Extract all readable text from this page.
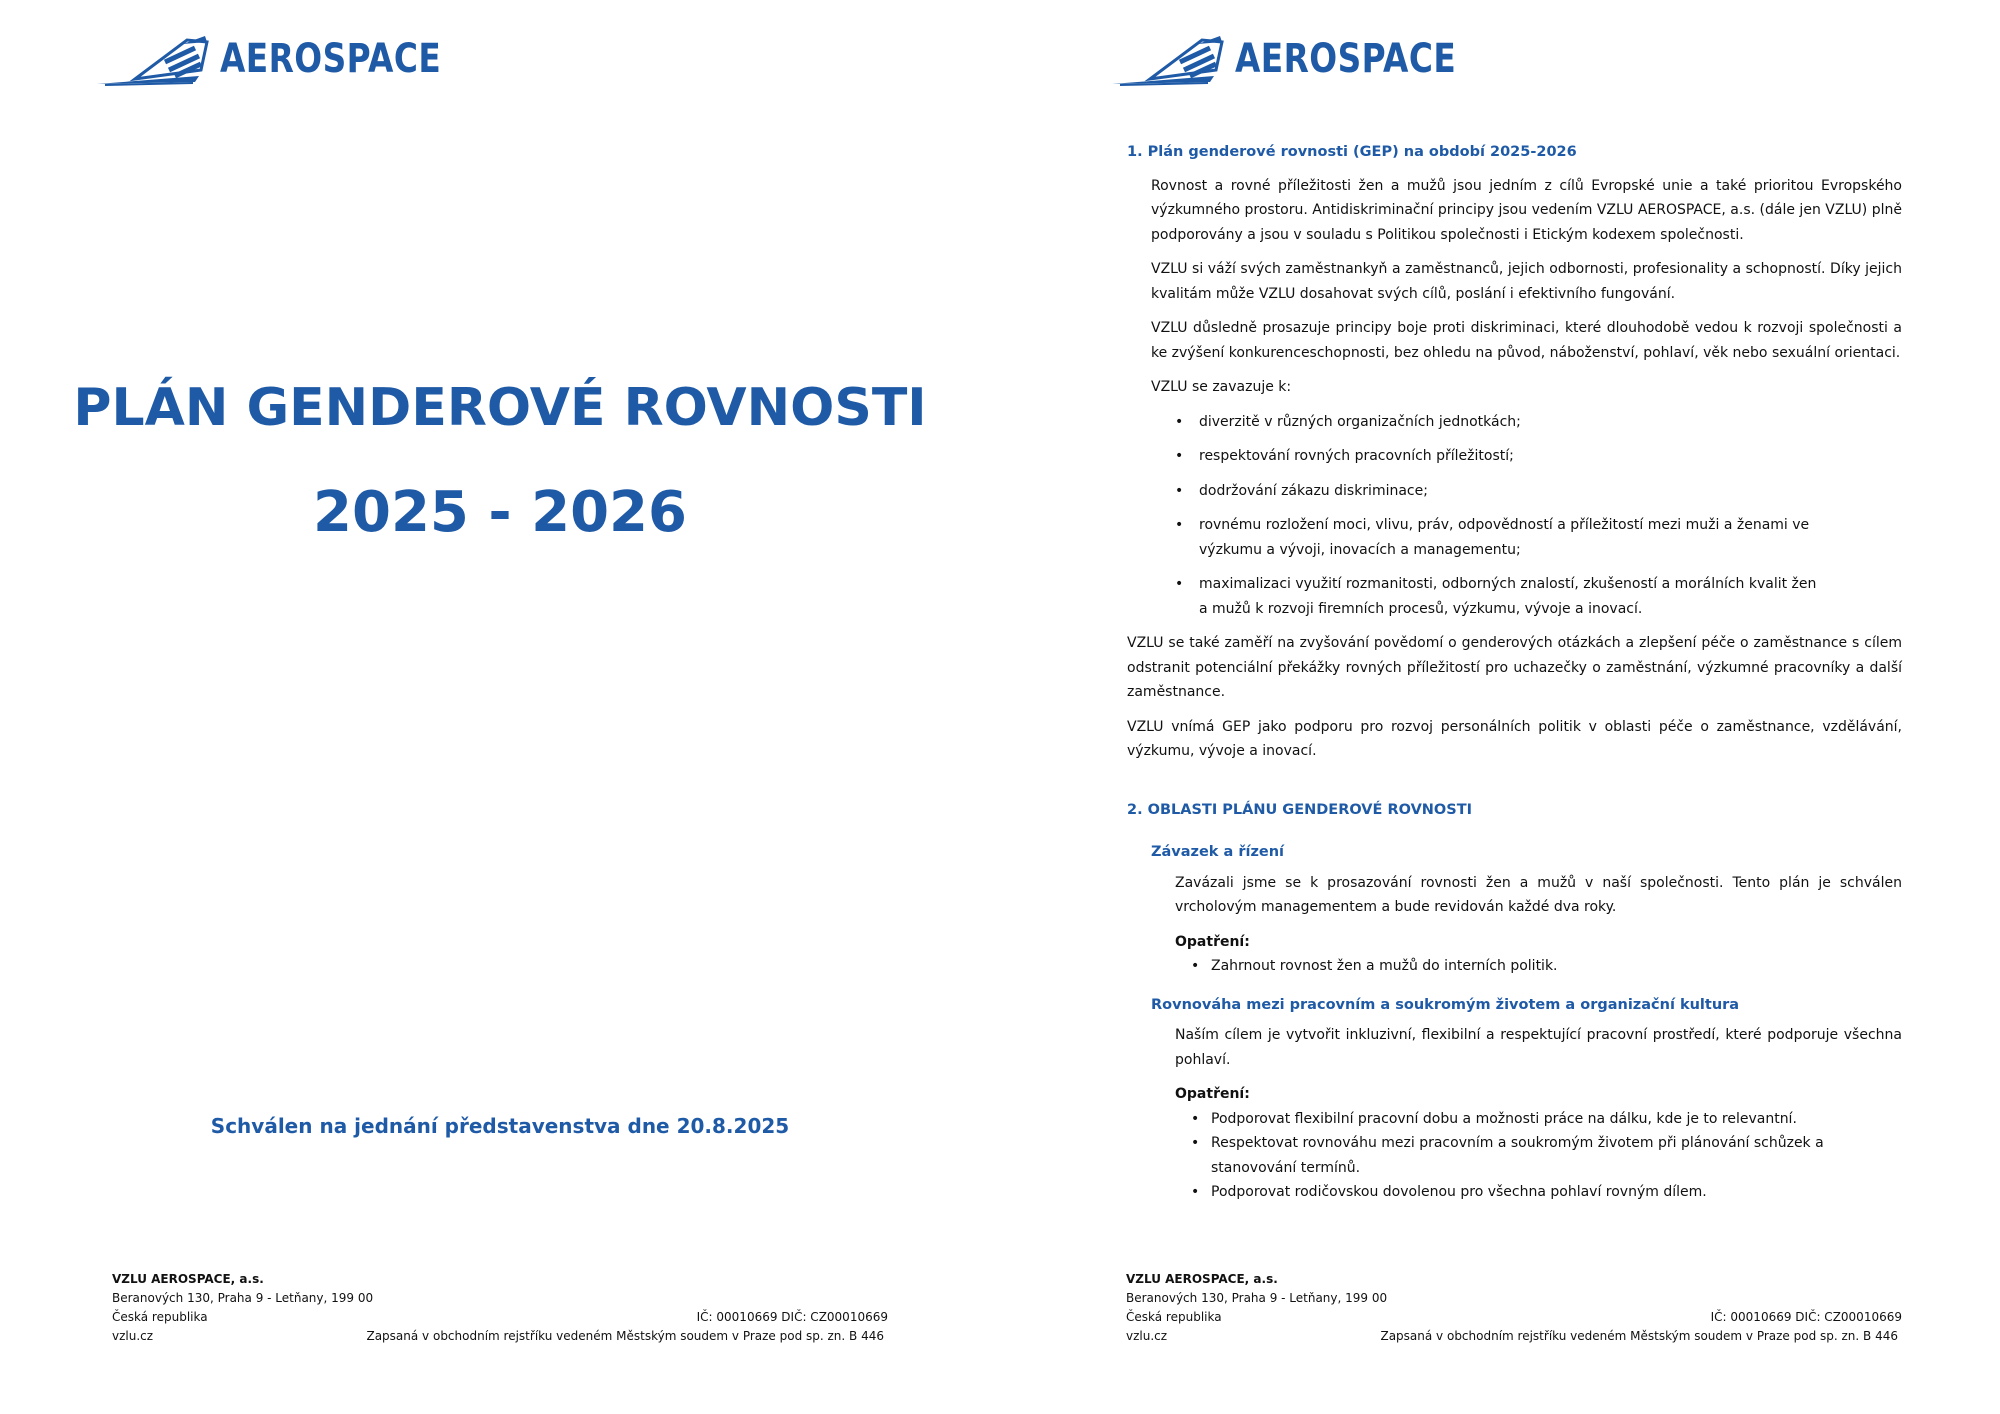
AEROSPACE
PLÁN GENDEROVÉ ROVNOSTI
2025 - 2026
Schválen na jednání představenstva dne 20.8.2025
VZLU AEROSPACE, a.s.
Beranových 130, Praha 9 - Letňany, 199 00
Česká republika
vzlu.cz
IČ: 00010669 DIČ: CZ00010669
Zapsaná v obchodním rejstříku vedeném Městským soudem v Praze pod sp. zn. B 446
AEROSPACE
1. Plán genderové rovnosti (GEP) na období 2025-2026
Rovnost a rovné příležitosti žen a mužů jsou jedním z cílů Evropské unie a také prioritou Evropského výzkumného prostoru. Antidiskriminační principy jsou vedením VZLU AEROSPACE, a.s. (dále jen VZLU) plně podporovány a jsou v souladu s Politikou společnosti i Etickým kodexem společnosti.
VZLU si váží svých zaměstnankyň a zaměstnanců, jejich odbornosti, profesionality a schopností. Díky jejich kvalitám může VZLU dosahovat svých cílů, poslání i efektivního fungování.
VZLU důsledně prosazuje principy boje proti diskriminaci, které dlouhodobě vedou k rozvoji společnosti a ke zvýšení konkurenceschopnosti, bez ohledu na původ, náboženství, pohlaví, věk nebo sexuální orientaci.
VZLU se zavazuje k:
• diverzitě v různých organizačních jednotkách;
• respektování rovných pracovních příležitostí;
• dodržování zákazu diskriminace;
• rovnému rozložení moci, vlivu, práv, odpovědností a příležitostí mezi muži a ženami ve výzkumu a vývoji, inovacích a managementu;
• maximalizaci využití rozmanitosti, odborných znalostí, zkušeností a morálních kvalit žen a mužů k rozvoji firemních procesů, výzkumu, vývoje a inovací.
VZLU se také zaměří na zvyšování povědomí o genderových otázkách a zlepšení péče o zaměstnance s cílem odstranit potenciální překážky rovných příležitostí pro uchazečky o zaměstnání, výzkumné pracovníky a další zaměstnance.
VZLU vnímá GEP jako podporu pro rozvoj personálních politik v oblasti péče o zaměstnance, vzdělávání, výzkumu, vývoje a inovací.
2. OBLASTI PLÁNU GENDEROVÉ ROVNOSTI
Závazek a řízení
Zavázali jsme se k prosazování rovnosti žen a mužů v naší společnosti. Tento plán je schválen vrcholovým managementem a bude revidován každé dva roky.
Opatření:
• Zahrnout rovnost žen a mužů do interních politik.
Rovnováha mezi pracovním a soukromým životem a organizační kultura
Naším cílem je vytvořit inkluzivní, flexibilní a respektující pracovní prostředí, které podporuje všechna pohlaví.
Opatření:
• Podporovat flexibilní pracovní dobu a možnosti práce na dálku, kde je to relevantní.
• Respektovat rovnováhu mezi pracovním a soukromým životem při plánování schůzek a stanovování termínů.
• Podporovat rodičovskou dovolenou pro všechna pohlaví rovným dílem.
VZLU AEROSPACE, a.s.
Beranových 130, Praha 9 - Letňany, 199 00
Česká republika
vzlu.cz
IČ: 00010669 DIČ: CZ00010669
Zapsaná v obchodním rejstříku vedeném Městským soudem v Praze pod sp. zn. B 446
